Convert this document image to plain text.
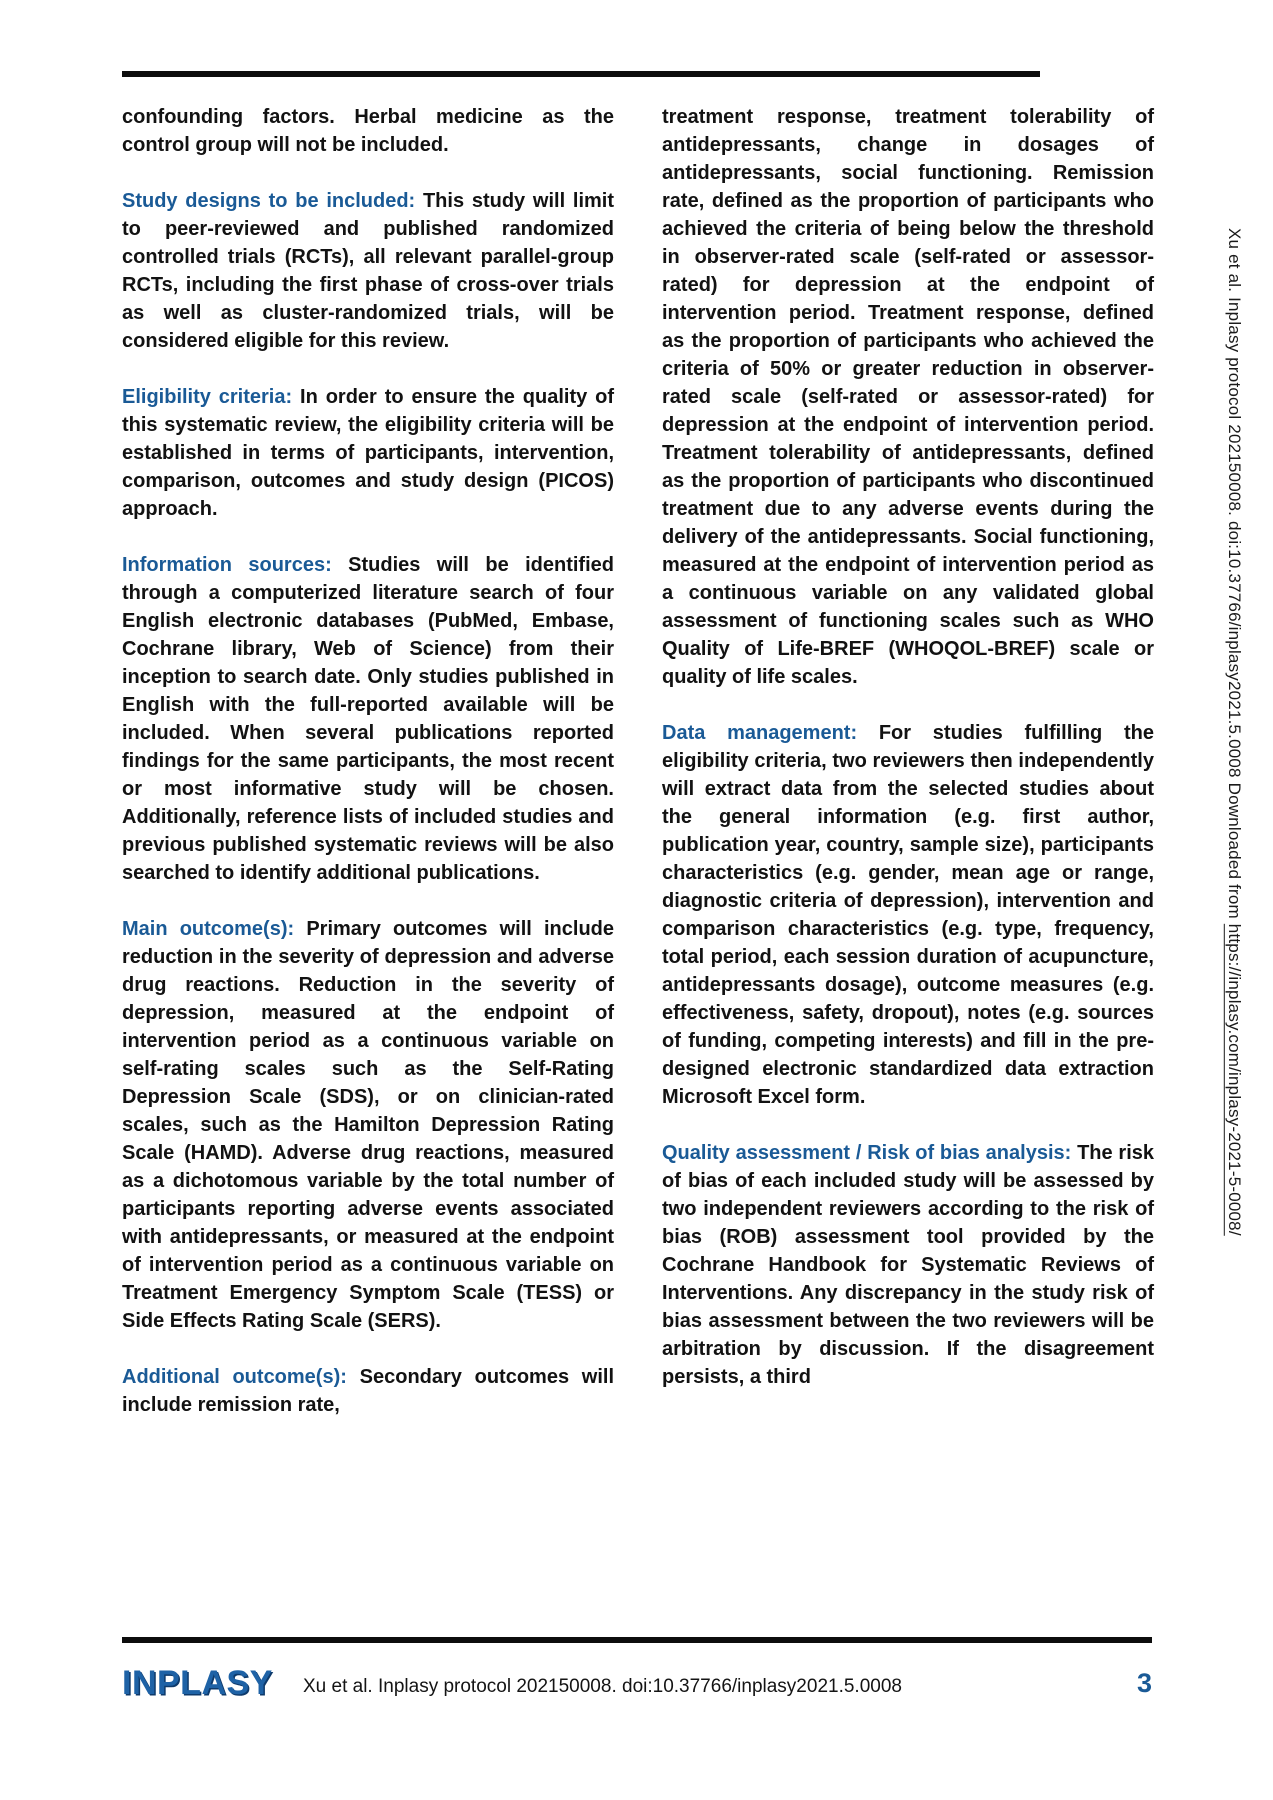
confounding factors. Herbal medicine as the control group will not be included.

Study designs to be included: This study will limit to peer-reviewed and published randomized controlled trials (RCTs), all relevant parallel-group RCTs, including the first phase of cross-over trials as well as cluster-randomized trials, will be considered eligible for this review.

Eligibility criteria: In order to ensure the quality of this systematic review, the eligibility criteria will be established in terms of participants, intervention, comparison, outcomes and study design (PICOS) approach.

Information sources: Studies will be identified through a computerized literature search of four English electronic databases (PubMed, Embase, Cochrane library, Web of Science) from their inception to search date. Only studies published in English with the full-reported available will be included. When several publications reported findings for the same participants, the most recent or most informative study will be chosen. Additionally, reference lists of included studies and previous published systematic reviews will be also searched to identify additional publications.

Main outcome(s): Primary outcomes will include reduction in the severity of depression and adverse drug reactions. Reduction in the severity of depression, measured at the endpoint of intervention period as a continuous variable on self-rating scales such as the Self-Rating Depression Scale (SDS), or on clinician-rated scales, such as the Hamilton Depression Rating Scale (HAMD). Adverse drug reactions, measured as a dichotomous variable by the total number of participants reporting adverse events associated with antidepressants, or measured at the endpoint of intervention period as a continuous variable on Treatment Emergency Symptom Scale (TESS) or Side Effects Rating Scale (SERS).

Additional outcome(s): Secondary outcomes will include remission rate,

treatment response, treatment tolerability of antidepressants, change in dosages of antidepressants, social functioning. Remission rate, defined as the proportion of participants who achieved the criteria of being below the threshold in observer-rated scale (self-rated or assessor-rated) for depression at the endpoint of intervention period. Treatment response, defined as the proportion of participants who achieved the criteria of 50% or greater reduction in observer-rated scale (self-rated or assessor-rated) for depression at the endpoint of intervention period. Treatment tolerability of antidepressants, defined as the proportion of participants who discontinued treatment due to any adverse events during the delivery of the antidepressants. Social functioning, measured at the endpoint of intervention period as a continuous variable on any validated global assessment of functioning scales such as WHO Quality of Life-BREF (WHOQOL-BREF) scale or quality of life scales.

Data management: For studies fulfilling the eligibility criteria, two reviewers then independently will extract data from the selected studies about the general information (e.g. first author, publication year, country, sample size), participants characteristics (e.g. gender, mean age or range, diagnostic criteria of depression), intervention and comparison characteristics (e.g. type, frequency, total period, each session duration of acupuncture, antidepressants dosage), outcome measures (e.g. effectiveness, safety, dropout), notes (e.g. sources of funding, competing interests) and fill in the pre-designed electronic standardized data extraction Microsoft Excel form.

Quality assessment / Risk of bias analysis: The risk of bias of each included study will be assessed by two independent reviewers according to the risk of bias (ROB) assessment tool provided by the Cochrane Handbook for Systematic Reviews of Interventions. Any discrepancy in the study risk of bias assessment between the two reviewers will be arbitration by discussion. If the disagreement persists, a third

Xu et al. Inplasy protocol 202150008. doi:10.37766/inplasy2021.5.0008 Downloaded from https://inplasy.com/inplasy-2021-5-0008/
INPLASY Xu et al. Inplasy protocol 202150008. doi:10.37766/inplasy2021.5.0008	3
